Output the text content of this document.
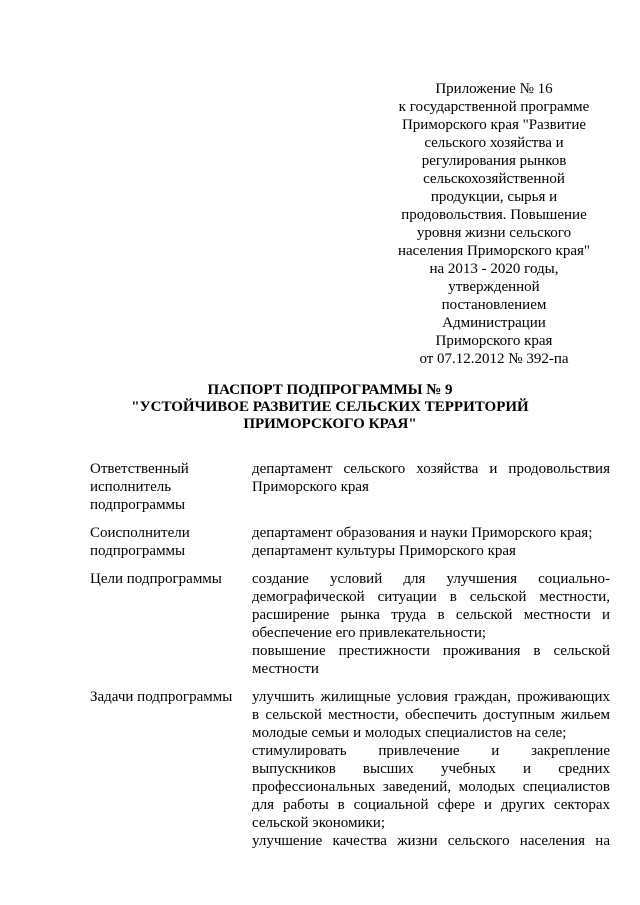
Приложение № 16
к государственной программе
Приморского края "Развитие
сельского хозяйства и
регулирования рынков
сельскохозяйственной
продукции, сырья и
продовольствия. Повышение
уровня жизни сельского
населения Приморского края"
на 2013 - 2020 годы,
утвержденной
постановлением
Администрации
Приморского края
от 07.12.2012 № 392-па
ПАСПОРТ ПОДПРОГРАММЫ № 9
"УСТОЙЧИВОЕ РАЗВИТИЕ СЕЛЬСКИХ ТЕРРИТОРИЙ
ПРИМОРСКОГО КРАЯ"
Ответственный
исполнитель
подпрограммы
департамент сельского хозяйства и продовольствия
Приморского края
Соисполнители
подпрограммы
департамент образования и науки Приморского края;
департамент культуры Приморского края
Цели подпрограммы	создание условий для улучшения социально-
демографической ситуации в сельской местности,
расширение рынка труда в сельской местности и
обеспечение его привлекательности;
повышение престижности проживания в сельской
местности
Задачи подпрограммы	улучшить жилищные условия граждан, проживающих
в сельской местности, обеспечить доступным жильем
молодые семьи и молодых специалистов на селе;
стимулировать привлечение и закрепление
выпускников высших учебных и средних
профессиональных заведений, молодых специалистов
для работы в социальной сфере и других секторах
сельской экономики;
улучшение качества жизни сельского населения на
